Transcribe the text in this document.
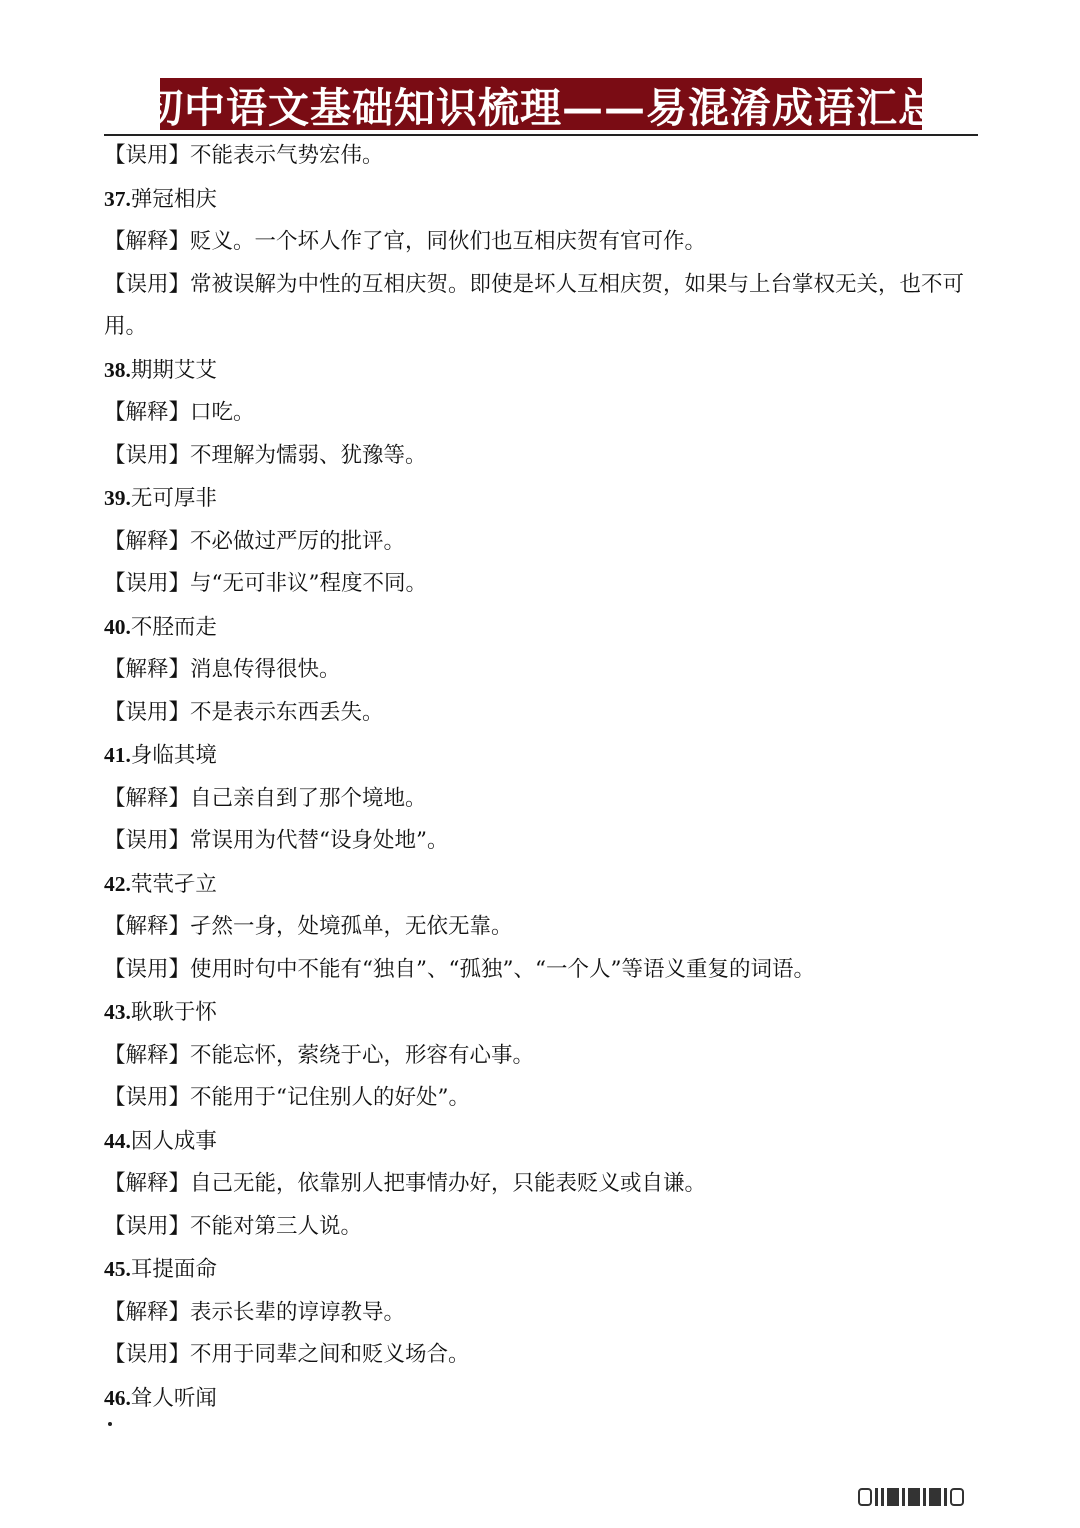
初中语文基础知识梳理——易混淆成语汇总
【误用】不能表示气势宏伟。
37.弹冠相庆
【解释】贬义。一个坏人作了官，同伙们也互相庆贺有官可作。
【误用】常被误解为中性的互相庆贺。即使是坏人互相庆贺，如果与上台掌权无关，也不可
用。
38.期期艾艾
【解释】口吃。
【误用】不理解为懦弱、犹豫等。
39.无可厚非
【解释】不必做过严厉的批评。
【误用】与“无可非议”程度不同。
40.不胫而走
【解释】消息传得很快。
【误用】不是表示东西丢失。
41.身临其境
【解释】自己亲自到了那个境地。
【误用】常误用为代替“设身处地”。
42.茕茕孑立
【解释】孑然一身，处境孤单，无依无靠。
【误用】使用时句中不能有“独自”、“孤独”、“一个人”等语义重复的词语。
43.耿耿于怀
【解释】不能忘怀，萦绕于心，形容有心事。
【误用】不能用于“记住别人的好处”。
44.因人成事
【解释】自己无能，依靠别人把事情办好，只能表贬义或自谦。
【误用】不能对第三人说。
45.耳提面命
【解释】表示长辈的谆谆教导。
【误用】不用于同辈之间和贬义场合。
46.耸人听闻
